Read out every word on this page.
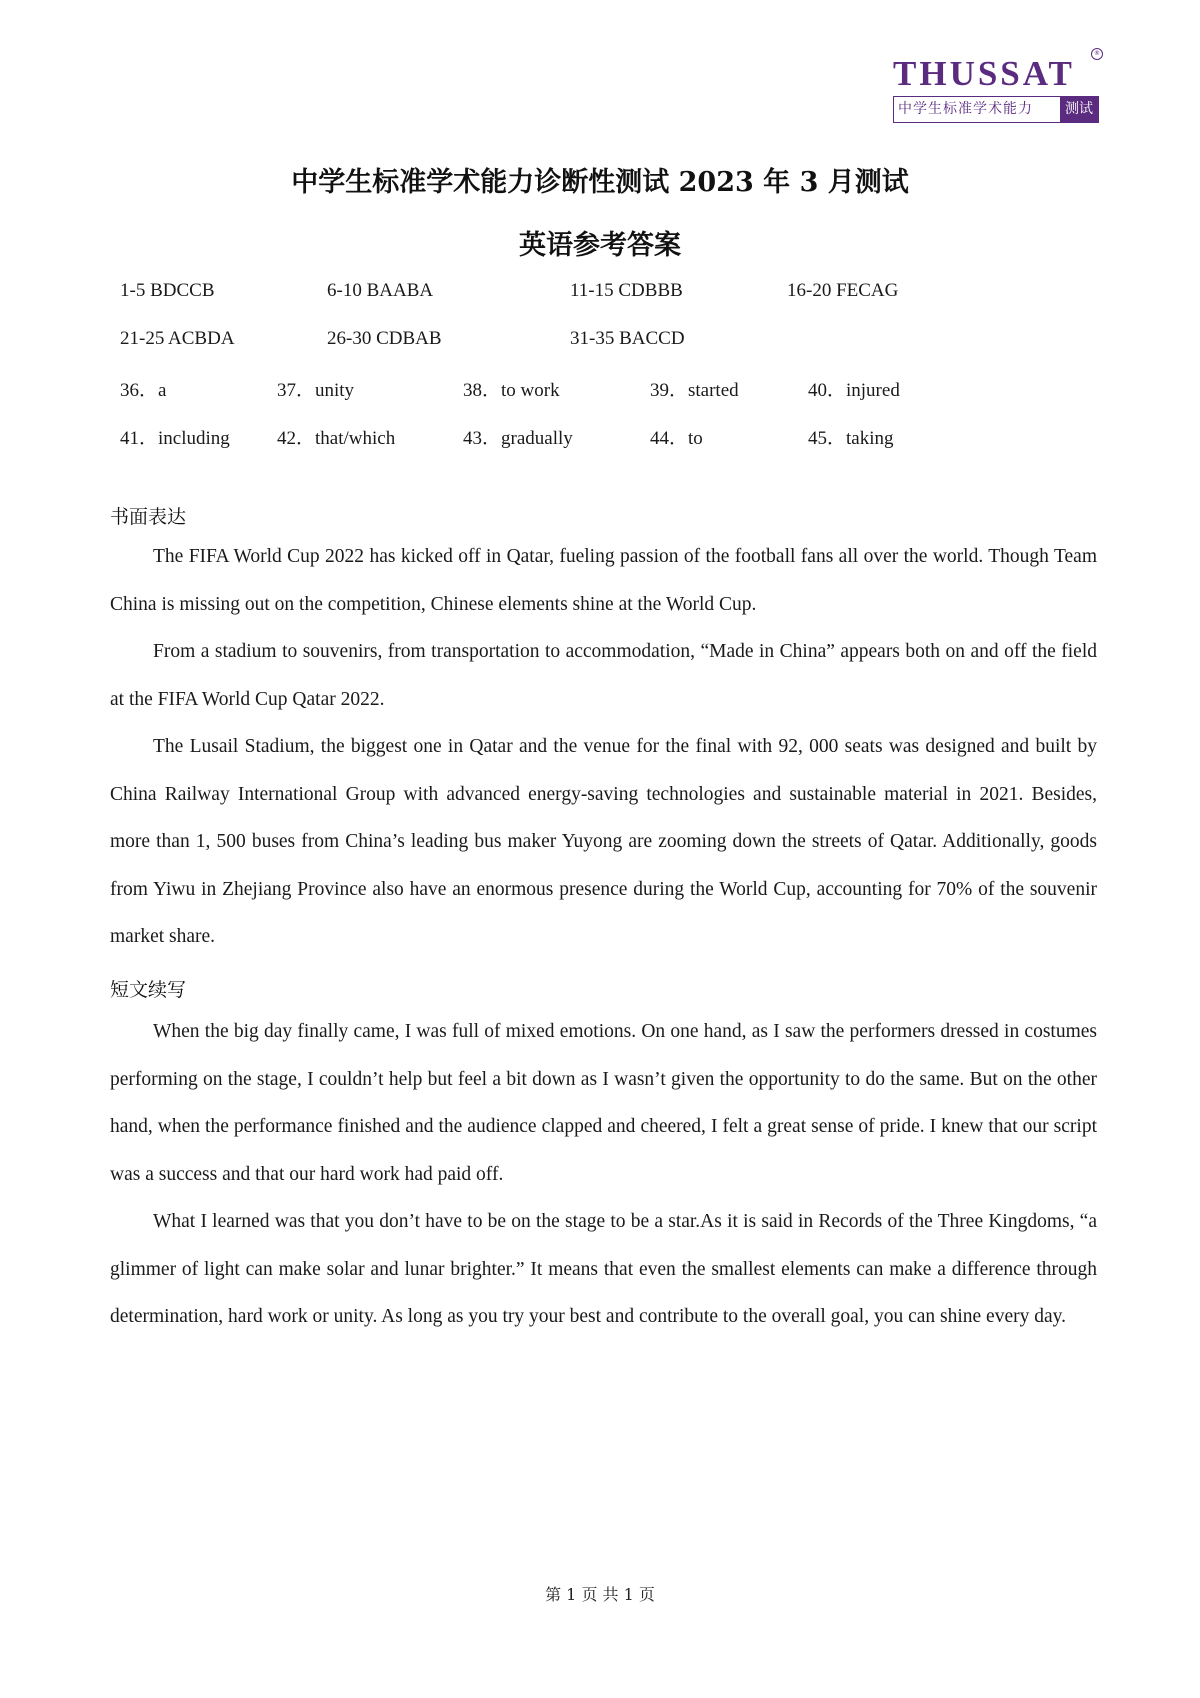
THUSSAT
®
中学生标准学术能力	测试
中学生标准学术能力诊断性测试 2023 年 3 月测试
英语参考答案
1-5 BDCCB	6-10 BAABA	11-15 CDBBB	16-20 FECAG
21-25 ACBDA	26-30 CDBAB	31-35 BACCD
36．a	37．unity	38．to work	39．started	40．injured
41．including 42．that/which	43．gradually	44．to	45．taking
书面表达

The FIFA World Cup 2022 has kicked off in Qatar, fueling passion of the football fans all over the world. Though Team China is missing out on the competition, Chinese elements shine at the World Cup.

From a stadium to souvenirs, from transportation to accommodation, “Made in China” appears both on and off the field at the FIFA World Cup Qatar 2022.

The Lusail Stadium, the biggest one in Qatar and the venue for the final with 92, 000 seats was designed and built by China Railway International Group with advanced energy-saving technologies and sustainable material in 2021. Besides, more than 1, 500 buses from China’s leading bus maker Yuyong are zooming down the streets of Qatar. Additionally, goods from Yiwu in Zhejiang Province also have an enormous presence during the World Cup, accounting for 70% of the souvenir market share.

短文续写

When the big day finally came, I was full of mixed emotions. On one hand, as I saw the performers dressed in costumes performing on the stage, I couldn’t help but feel a bit down as I wasn’t given the opportunity to do the same. But on the other hand, when the performance finished and the audience clapped and cheered, I felt a great sense of pride. I knew that our script was a success and that our hard work had paid off.

What I learned was that you don’t have to be on the stage to be a star.As it is said in Records of the Three Kingdoms, “a glimmer of light can make solar and lunar brighter.” It means that even the smallest elements can make a difference through determination, hard work or unity. As long as you try your best and contribute to the overall goal, you can shine every day.

第 1 页 共 1 页
